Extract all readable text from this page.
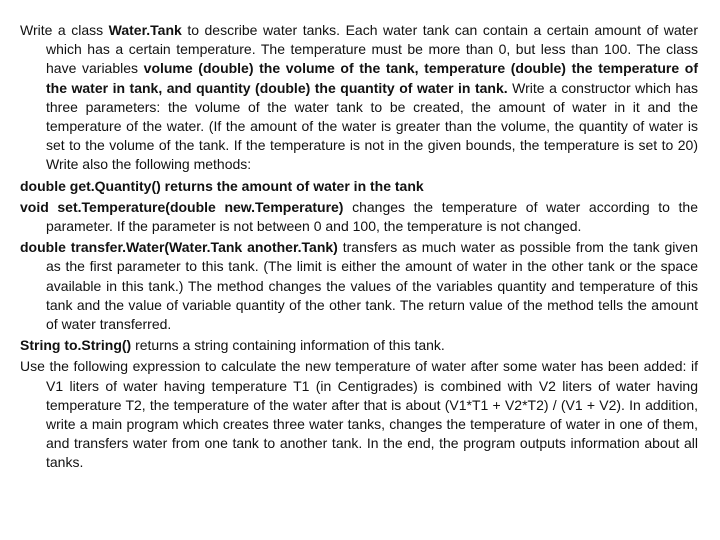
Write a class Water.Tank to describe water tanks. Each water tank can contain a certain amount of water which has a certain temperature. The temperature must be more than 0, but less than 100. The class have variables volume (double) the volume of the tank, temperature (double) the temperature of the water in tank, and quantity (double) the quantity of water in tank. Write a constructor which has three parameters: the volume of the water tank to be created, the amount of water in it and the temperature of the water. (If the amount of the water is greater than the volume, the quantity of water is set to the volume of the tank. If the temperature is not in the given bounds, the temperature is set to 20) Write also the following methods:

double get.Quantity() returns the amount of water in the tank

void set.Temperature(double new.Temperature) changes the temperature of water according to the parameter. If the parameter is not between 0 and 100, the temperature is not changed.

double transfer.Water(Water.Tank another.Tank) transfers as much water as possible from the tank given as the first parameter to this tank. (The limit is either the amount of water in the other tank or the space available in this tank.) The method changes the values of the variables quantity and temperature of this tank and the value of variable quantity of the other tank. The return value of the method tells the amount of water transferred.

String to.String() returns a string containing information of this tank.

Use the following expression to calculate the new temperature of water after some water has been added: if V1 liters of water having temperature T1 (in Centigrades) is combined with V2 liters of water having temperature T2, the temperature of the water after that is about (V1*T1 + V2*T2) / (V1 + V2). In addition, write a main program which creates three water tanks, changes the temperature of water in one of them, and transfers water from one tank to another tank. In the end, the program outputs information about all tanks.
